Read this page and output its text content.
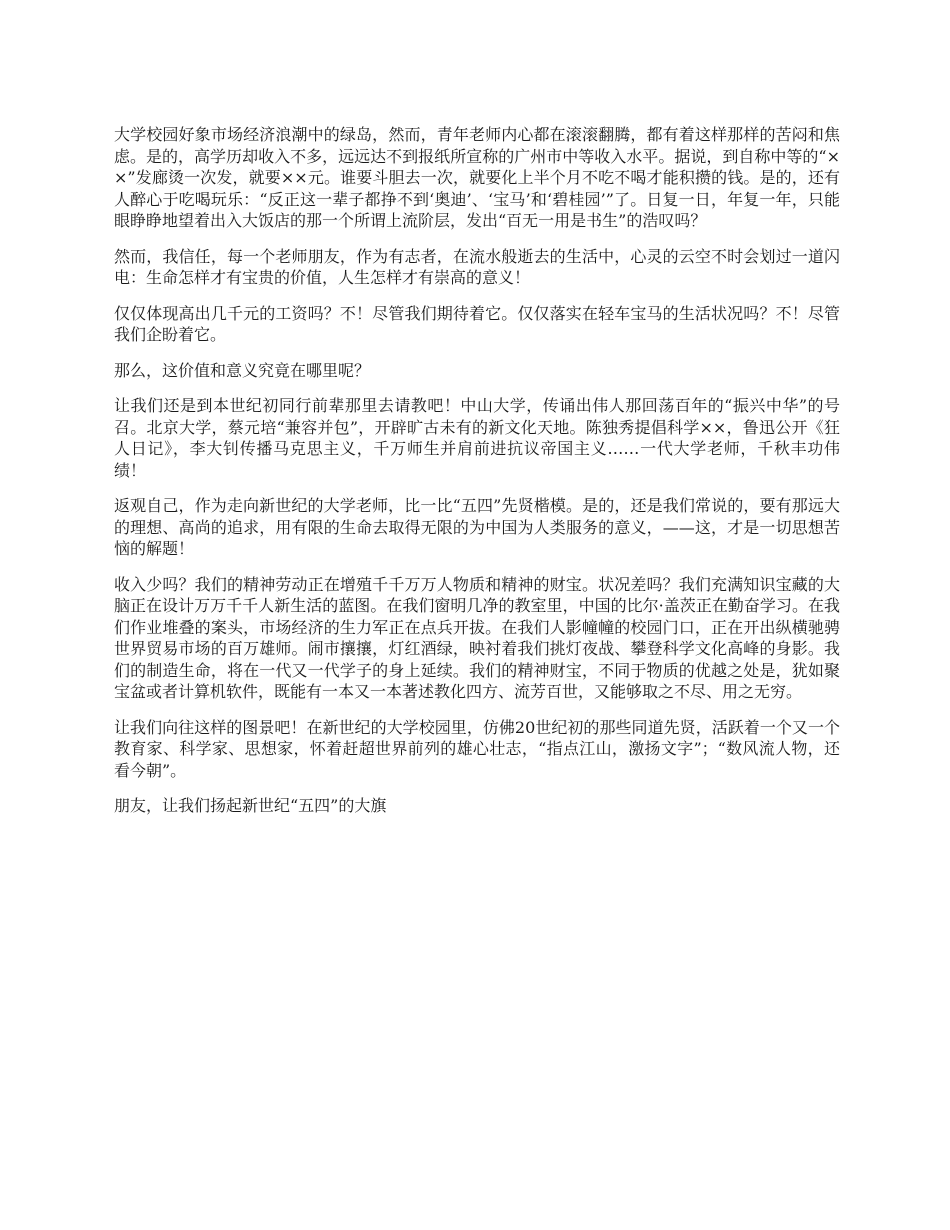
大学校园好象市场经济浪潮中的绿岛，然而，青年老师内心都在滚滚翻腾，都有着这样那样的苦闷和焦虑。是的，高学历却收入不多，远远达不到报纸所宣称的广州市中等收入水平。据说，到自称中等的“××”发廊烫一次发，就要××元。谁要斗胆去一次，就要化上半个月不吃不喝才能积攒的钱。是的，还有人醉心于吃喝玩乐：“反正这一辈子都挣不到‘奥迪’、‘宝马’和‘碧桂园’”了。日复一日，年复一年，只能眼睁睁地望着出入大饭店的那一个所谓上流阶层，发出“百无一用是书生”的浩叹吗？

然而，我信任，每一个老师朋友，作为有志者，在流水般逝去的生活中，心灵的云空不时会划过一道闪电：生命怎样才有宝贵的价值，人生怎样才有崇高的意义！

仅仅体现高出几千元的工资吗？不！尽管我们期待着它。仅仅落实在轻车宝马的生活状况吗？不！尽管我们企盼着它。

那么，这价值和意义究竟在哪里呢？

让我们还是到本世纪初同行前辈那里去请教吧！中山大学，传诵出伟人那回荡百年的“振兴中华”的号召。北京大学，蔡元培“兼容并包”，开辟旷古未有的新文化天地。陈独秀提倡科学××，鲁迅公开《狂人日记》，李大钊传播马克思主义，千万师生并肩前进抗议帝国主义……一代大学老师，千秋丰功伟绩！

返观自己，作为走向新世纪的大学老师，比一比“五四”先贤楷模。是的，还是我们常说的，要有那远大的理想、高尚的追求，用有限的生命去取得无限的为中国为人类服务的意义，——这，才是一切思想苦恼的解题！

收入少吗？我们的精神劳动正在增殖千千万万人物质和精神的财宝。状况差吗？我们充满知识宝藏的大脑正在设计万万千千人新生活的蓝图。在我们窗明几净的教室里，中国的比尔·盖茨正在勤奋学习。在我们作业堆叠的案头，市场经济的生力军正在点兵开拔。在我们人影幢幢的校园门口，正在开出纵横驰骋世界贸易市场的百万雄师。闹市攘攘，灯红酒绿，映衬着我们挑灯夜战、攀登科学文化高峰的身影。我们的制造生命，将在一代又一代学子的身上延续。我们的精神财宝，不同于物质的优越之处是，犹如聚宝盆或者计算机软件，既能有一本又一本著述教化四方、流芳百世，又能够取之不尽、用之无穷。

让我们向往这样的图景吧！在新世纪的大学校园里，仿佛20世纪初的那些同道先贤，活跃着一个又一个教育家、科学家、思想家，怀着赶超世界前列的雄心壮志，“指点江山，激扬文字”；“数风流人物，还看今朝”。

朋友，让我们扬起新世纪“五四”的大旗
